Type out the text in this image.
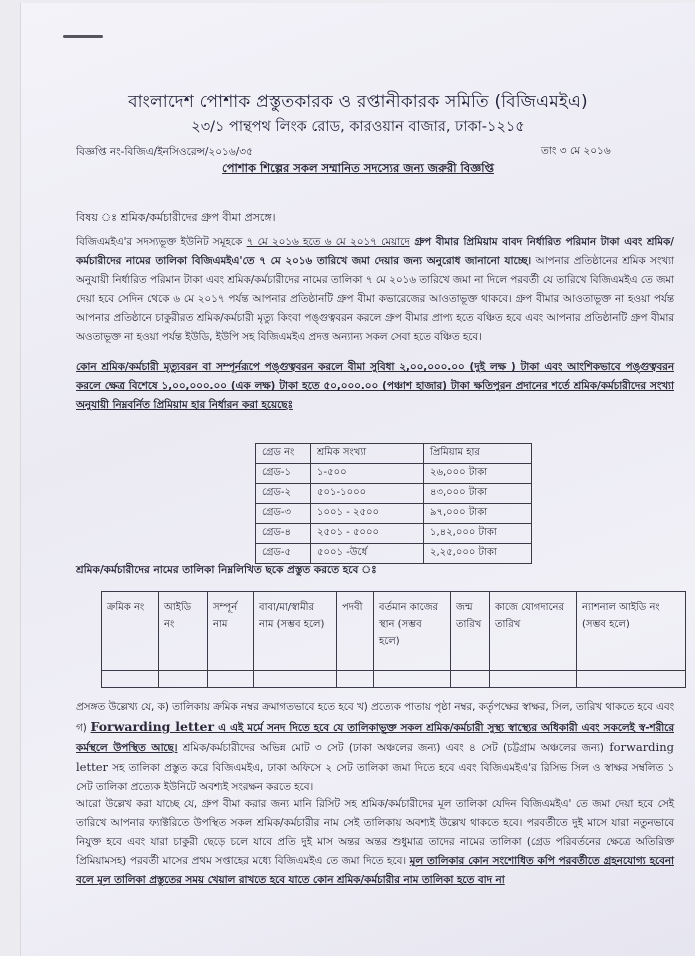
বাংলাদেশ পোশাক প্রস্তুতকারক ও রপ্তানীকারক সমিতি (বিজিএমইএ)
২৩/১ পান্থপথ লিংক রোড, কারওয়ান বাজার, ঢাকা-১২১৫
বিজ্ঞপ্তি নং-বিজিএ/ইনসিওরেন্স/২০১৬/৩৫	তাং ৩ মে ২০১৬
পোশাক শিল্পের সকল সম্মানিত সদস্যের জন্য জরুরী বিজ্ঞপ্তি
বিষয় ঃ শ্রমিক/কর্মচারীদের গ্রুপ বীমা প্রসঙ্গে।
বিজিএমইএ'র সদস্যভূক্ত ইউনিট সমূহকে ৭ মে ২০১৬ হতে ৬ মে ২০১৭ মেয়াদে গ্রুপ বীমার প্রিমিয়াম বাবদ নির্ধারিত পরিমান টাকা এবং শ্রমিক/কর্মচারীদের নামের তালিকা বিজিএমইএ'তে ৭ মে ২০১৬ তারিখে জমা দেয়ার জন্য অনুরোধ জানানো যাচ্ছে। আপনার প্রতিষ্ঠানের শ্রমিক সংখ্যা অনুযায়ী নির্ধারিত পরিমান টাকা এবং শ্রমিক/কর্মচারীদের নামের তালিকা ৭ মে ২০১৬ তারিখে জমা না দিলে পরবর্তী যে তারিখে বিজিএমইএ তে জমা দেয়া হবে সেদিন থেকে ৬ মে ২০১৭ পর্যন্ত আপনার প্রতিষ্ঠানটি গ্রুপ বীমা কভারেজের আওতাভূক্ত থাকবে। গ্রুপ বীমার আওতাভূক্ত না হওয়া পর্যন্ত আপনার প্রতিষ্ঠানে চাকুরীরত শ্রমিক/কর্মচারী মৃত্যু কিংবা পঙ্গুত্ববরন করলে গ্রুপ বীমার প্রাপ্য হতে বঞ্চিত হবে এবং আপনার প্রতিষ্ঠানটি গ্রুপ বীমার অওতাভূক্ত না হওয়া পর্যন্ত ইউডি, ইউপি সহ বিজিএমইএ প্রদত্ত অন্যান্য সকল সেবা হতে বঞ্চিত হবে।
কোন শ্রমিক/কর্মচারী মৃত্যুবরন বা সম্পূর্নরূপে পঙ্গুত্ববরন করলে বীমা সুবিধা ২,০০,০০০.০০ (দুই লক্ষ ) টাকা এবং আংশিকভাবে পঙ্গুত্ববরন করলে ক্ষেত্র বিশেষে ১,০০,০০০.০০ (এক লক্ষ) টাকা হতে ৫০,০০০.০০ (পঞ্চাশ হাজার) টাকা ক্ষতিপুরন প্রদানের শর্তে শ্রমিক/কর্মচারীদের সংখ্যা অনুযায়ী নিম্নবর্নিত প্রিমিয়াম হার নির্ধারন করা হয়েছেঃ
গ্রেড নং	শ্রমিক সংখ্যা	প্রিমিয়াম হার
গ্রেড-১	১-৫০০	২৬,০০০ টাকা
গ্রেড-২	৫০১-১০০০	৪৩,০০০ টাকা
গ্রেড-৩	১০০১ - ২৫০০	৯৭,০০০ টাকা
গ্রেড-৪	২৫০১ - ৫০০০	১,৪২,০০০ টাকা
গ্রেড-৫	৫০০১ -উর্ধে	২,২৫,০০০ টাকা
শ্রমিক/কর্মচারীদের নামের তালিকা নিম্নলিখিত ছকে প্রস্তুত করতে হবে ঃ
ক্রমিক নং	আইডি নং	সম্পূর্ন নাম	বাবা/মা/স্বামীর নাম (সম্ভব হলে)	পদবী	বর্তমান কাজের স্থান (সম্ভব হলে)	জন্ম তারিখ	কাজে যোগদানের তারিখ	ন্যাশনাল আইডি নং (সম্ভব হলে)

প্রসঙ্গত উল্লেখ্য যে, ক) তালিকায় ক্রমিক নম্বর ক্রমাগতভাবে হতে হবে খ) প্রত্যেক পাতায় পৃষ্ঠা নম্বর, কর্তৃপক্ষের স্বাক্ষর, সিল, তারিখ থাকতে হবে এবং গ) Forwarding letter এ এই মর্মে সনদ দিতে হবে যে তালিকাভূক্ত সকল শ্রমিক/কর্মচারী সুস্থ্য স্বাস্থ্যের অধিকারী এবং সকলেই স্ব-শরীরে কর্মস্থলে উপস্থিত আছে। শ্রমিক/কর্মচারীদের অভিন্ন মোট ৩ সেট (ঢাকা অঞ্চলের জন্য) এবং ৪ সেট (চট্টগ্রাম অঞ্চলের জন্য) forwarding letter সহ তালিকা প্রস্তুত করে বিজিএমইএ, ঢাকা অফিসে ২ সেট তালিকা জমা দিতে হবে এবং বিজিএমইএ'র রিসিভ সিল ও স্বাক্ষর সম্বলিত ১ সেট তালিকা প্রত্যেক ইউনিটে অবশ্যই সংরক্ষন করতে হবে।
আরো উল্লেখ করা যাচ্ছে যে, গ্রুপ বীমা করার জন্য মানি রিসিট সহ শ্রমিক/কর্মচারীদের মূল তালিকা যেদিন বিজিএমইএ' তে জমা দেয়া হবে সেই তারিখে আপনার ফ্যাক্টরিতে উপস্থিত সকল শ্রমিক/কর্মচারীর নাম সেই তালিকায় অবশ্যই উল্লেখ থাকতে হবে। পরবর্তীতে দুই মাসে যারা নতুনভাবে নিযুক্ত হবে এবং যারা চাকুরী ছেড়ে চলে যাবে প্রতি দুই মাস অন্তর অন্তর শুধুমাত্র তাদের নামের তালিকা (গ্রেড পরিবর্তনের ক্ষেত্রে অতিরিক্ত প্রিমিয়ামসহ) পরবর্তী মাসের প্রথম সপ্তাহের মধ্যে বিজিএমইএ তে জমা দিতে হবে। মূল তালিকার কোন সংশোধিত কপি পরবর্তীতে গ্রহনযোগ্য হবেনা বলে মূল তালিকা প্রস্তুতের সময় খেয়াল রাখতে হবে যাতে কোন শ্রমিক/কর্মচারীর নাম তালিকা হতে বাদ না
